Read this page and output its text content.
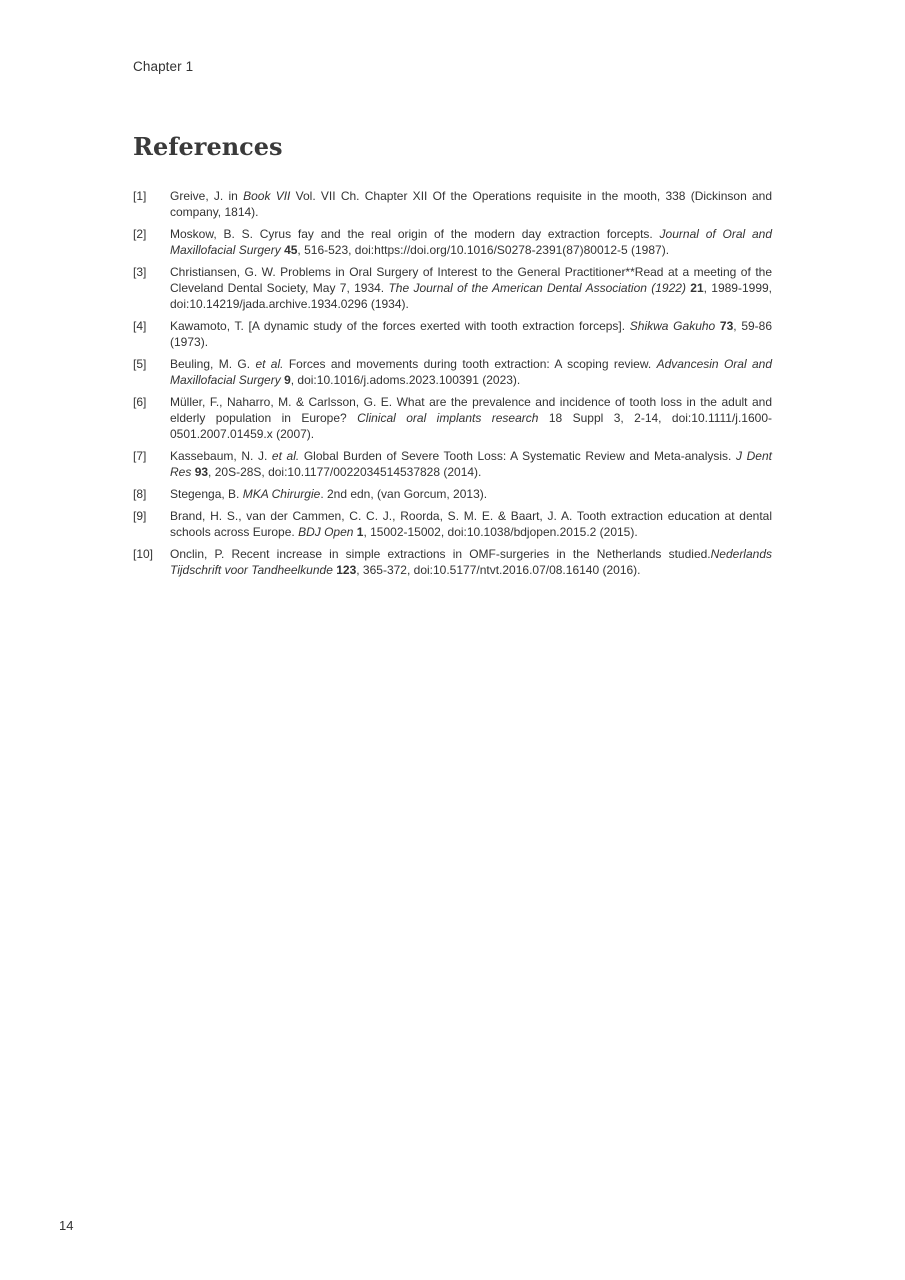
Chapter 1
References
[1] Greive, J. in Book VII Vol. VII Ch. Chapter XII Of the Operations requisite in the mooth, 338 (Dickinson and company, 1814).
[2] Moskow, B. S. Cyrus fay and the real origin of the modern day extraction forcepts. Journal of Oral and Maxillofacial Surgery 45, 516-523, doi:https://doi.org/10.1016/S0278-2391(87)80012-5 (1987).
[3] Christiansen, G. W. Problems in Oral Surgery of Interest to the General Practitioner**Read at a meeting of the Cleveland Dental Society, May 7, 1934. The Journal of the American Dental Association (1922) 21, 1989-1999, doi:10.14219/jada.archive.1934.0296 (1934).
[4] Kawamoto, T. [A dynamic study of the forces exerted with tooth extraction forceps]. Shikwa Gakuho 73, 59-86 (1973).
[5] Beuling, M. G. et al. Forces and movements during tooth extraction: A scoping review. Advancesin Oral and Maxillofacial Surgery 9, doi:10.1016/j.adoms.2023.100391 (2023).
[6] Müller, F., Naharro, M. & Carlsson, G. E. What are the prevalence and incidence of tooth loss in the adult and elderly population in Europe? Clinical oral implants research 18 Suppl 3, 2-14, doi:10.1111/j.1600-0501.2007.01459.x (2007).
[7] Kassebaum, N. J. et al. Global Burden of Severe Tooth Loss: A Systematic Review and Meta-analysis. J Dent Res 93, 20S-28S, doi:10.1177/0022034514537828 (2014).
[8] Stegenga, B. MKA Chirurgie. 2nd edn, (van Gorcum, 2013).
[9] Brand, H. S., van der Cammen, C. C. J., Roorda, S. M. E. & Baart, J. A. Tooth extraction education at dental schools across Europe. BDJ Open 1, 15002-15002, doi:10.1038/bdjopen.2015.2 (2015).
[10] Onclin, P. Recent increase in simple extractions in OMF-surgeries in the Netherlands studied.Nederlands Tijdschrift voor Tandheelkunde 123, 365-372, doi:10.5177/ntvt.2016.07/08.16140 (2016).
14
